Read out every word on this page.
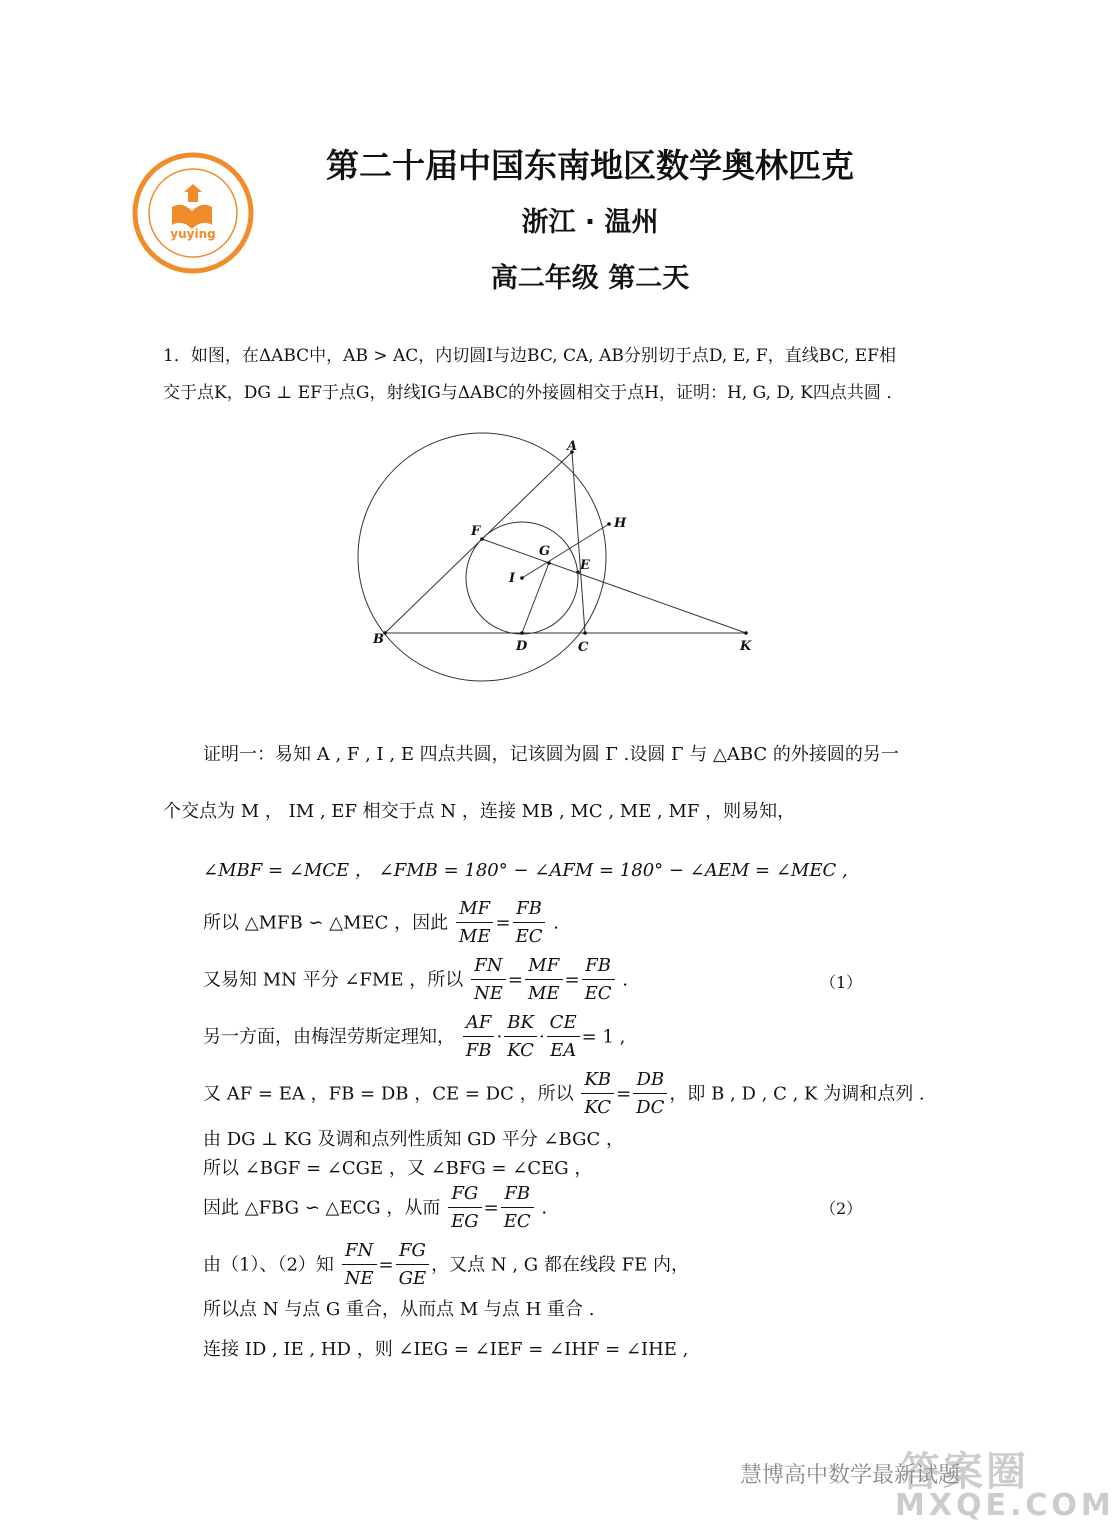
yuying
第二十届中国东南地区数学奥林匹克
浙江 · 温州
高二年级 第二天
1．如图，在ΔABC中，AB > AC，内切圆I与边BC, CA, AB分别切于点D, E, F，直线BC, EF相
交于点K，DG ⊥ EF于点G，射线IG与ΔABC的外接圆相交于点H，证明：H, G, D, K四点共圆 ．
A
B
C
D
E
F
G
H
I
K
证明一：易知 A , F , I , E 四点共圆，记该圆为圆 Γ .设圆 Γ 与 △ABC 的外接圆的另一
个交点为 M ， IM , EF 相交于点 N ，连接 MB , MC , ME , MF ，则易知，
∠MBF = ∠MCE ， ∠FMB = 180° − ∠AFM = 180° − ∠AEM = ∠MEC ,
所以 △MFB ∽ △MEC ，因此 $\frac{MF}{ME} = \frac{FB}{EC}$ .
又易知 MN 平分 ∠FME ，所以 $\frac{FN}{NE} = \frac{MF}{ME} = \frac{FB}{EC}$ .	（1）
另一方面，由梅涅劳斯定理知， $\frac{AF}{FB} \cdot \frac{BK}{KC} \cdot \frac{CE}{EA} = 1$ ,
又 AF = EA ，FB = DB ，CE = DC ，所以 $\frac{KB}{KC} = \frac{DB}{DC}$ ，即 B , D , C , K 为调和点列 .
由 DG ⊥ KG 及调和点列性质知 GD 平分 ∠BGC ，
所以 ∠BGF = ∠CGE ，又 ∠BFG = ∠CEG ，
因此 △FBG ∽ △ECG ，从而 $\frac{FG}{EG} = \frac{FB}{EC}$ .	（2）
由（1）、（2）知 $\frac{FN}{NE} = \frac{FG}{GE}$ ，又点 N , G 都在线段 FE 内，
所以点 N 与点 G 重合，从而点 M 与点 H 重合 .
连接 ID , IE , HD ，则 ∠IEG = ∠IEF = ∠IHF = ∠IHE ,
答案圈
慧博高中数学最新试题
MXQE.COM
